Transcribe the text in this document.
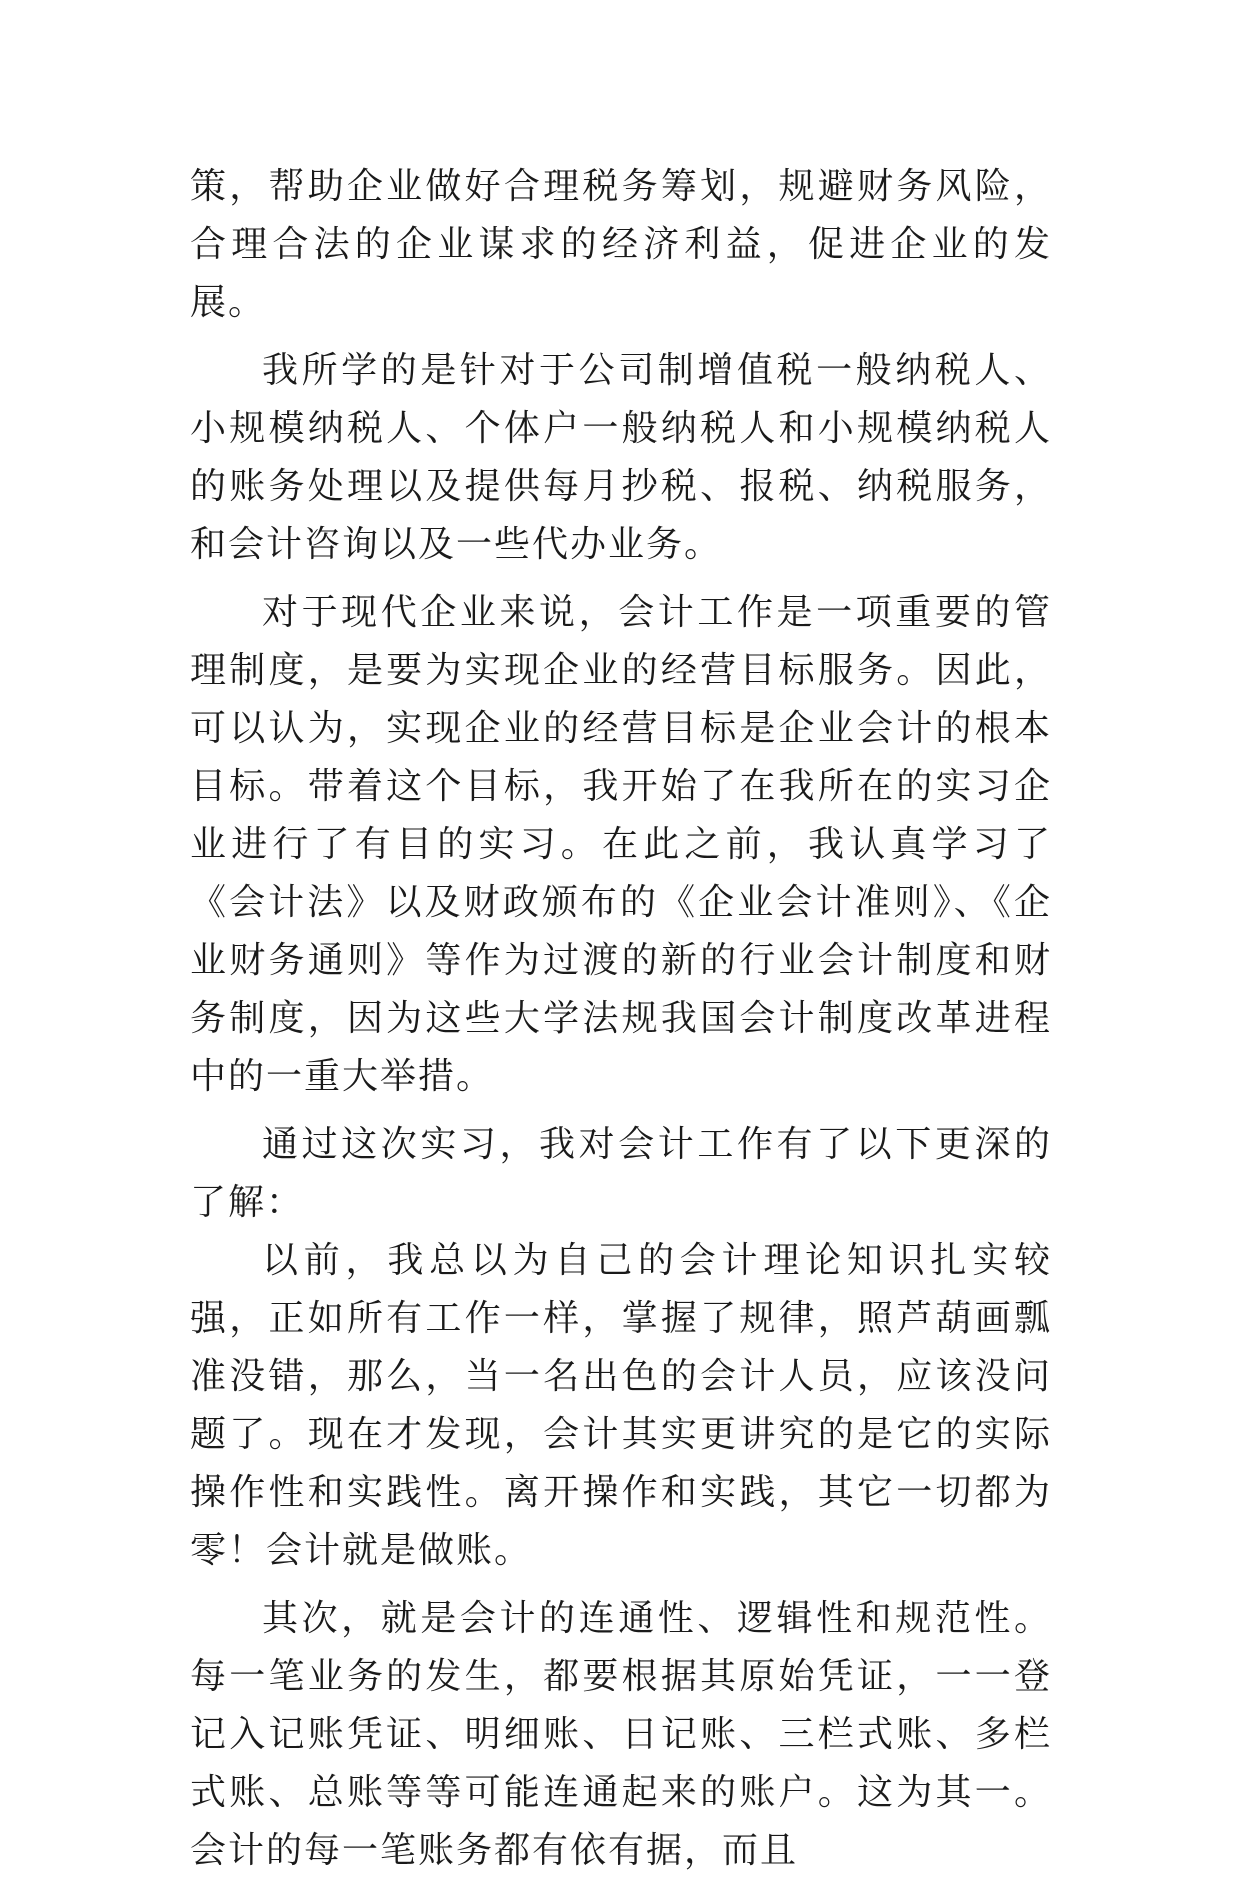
策，帮助企业做好合理税务筹划，规避财务风险，合理合法的企业谋求的经济利益，促进企业的发展。

我所学的是针对于公司制增值税一般纳税人、小规模纳税人、个体户一般纳税人和小规模纳税人的账务处理以及提供每月抄税、报税、纳税服务，和会计咨询以及一些代办业务。

对于现代企业来说，会计工作是一项重要的管理制度，是要为实现企业的经营目标服务。因此，可以认为，实现企业的经营目标是企业会计的根本目标。带着这个目标，我开始了在我所在的实习企业进行了有目的实习。在此之前，我认真学习了《会计法》以及财政颁布的《企业会计准则》、《企业财务通则》等作为过渡的新的行业会计制度和财务制度，因为这些大学法规我国会计制度改革进程中的一重大举措。

通过这次实习，我对会计工作有了以下更深的了解：

以前，我总以为自己的会计理论知识扎实较强，正如所有工作一样，掌握了规律，照芦葫画瓢准没错，那么，当一名出色的会计人员，应该没问题了。现在才发现，会计其实更讲究的是它的实际操作性和实践性。离开操作和实践，其它一切都为零！会计就是做账。

其次，就是会计的连通性、逻辑性和规范性。每一笔业务的发生，都要根据其原始凭证，一一登记入记账凭证、明细账、日记账、三栏式账、多栏式账、总账等等可能连通起来的账户。这为其一。会计的每一笔账务都有依有据，而且
